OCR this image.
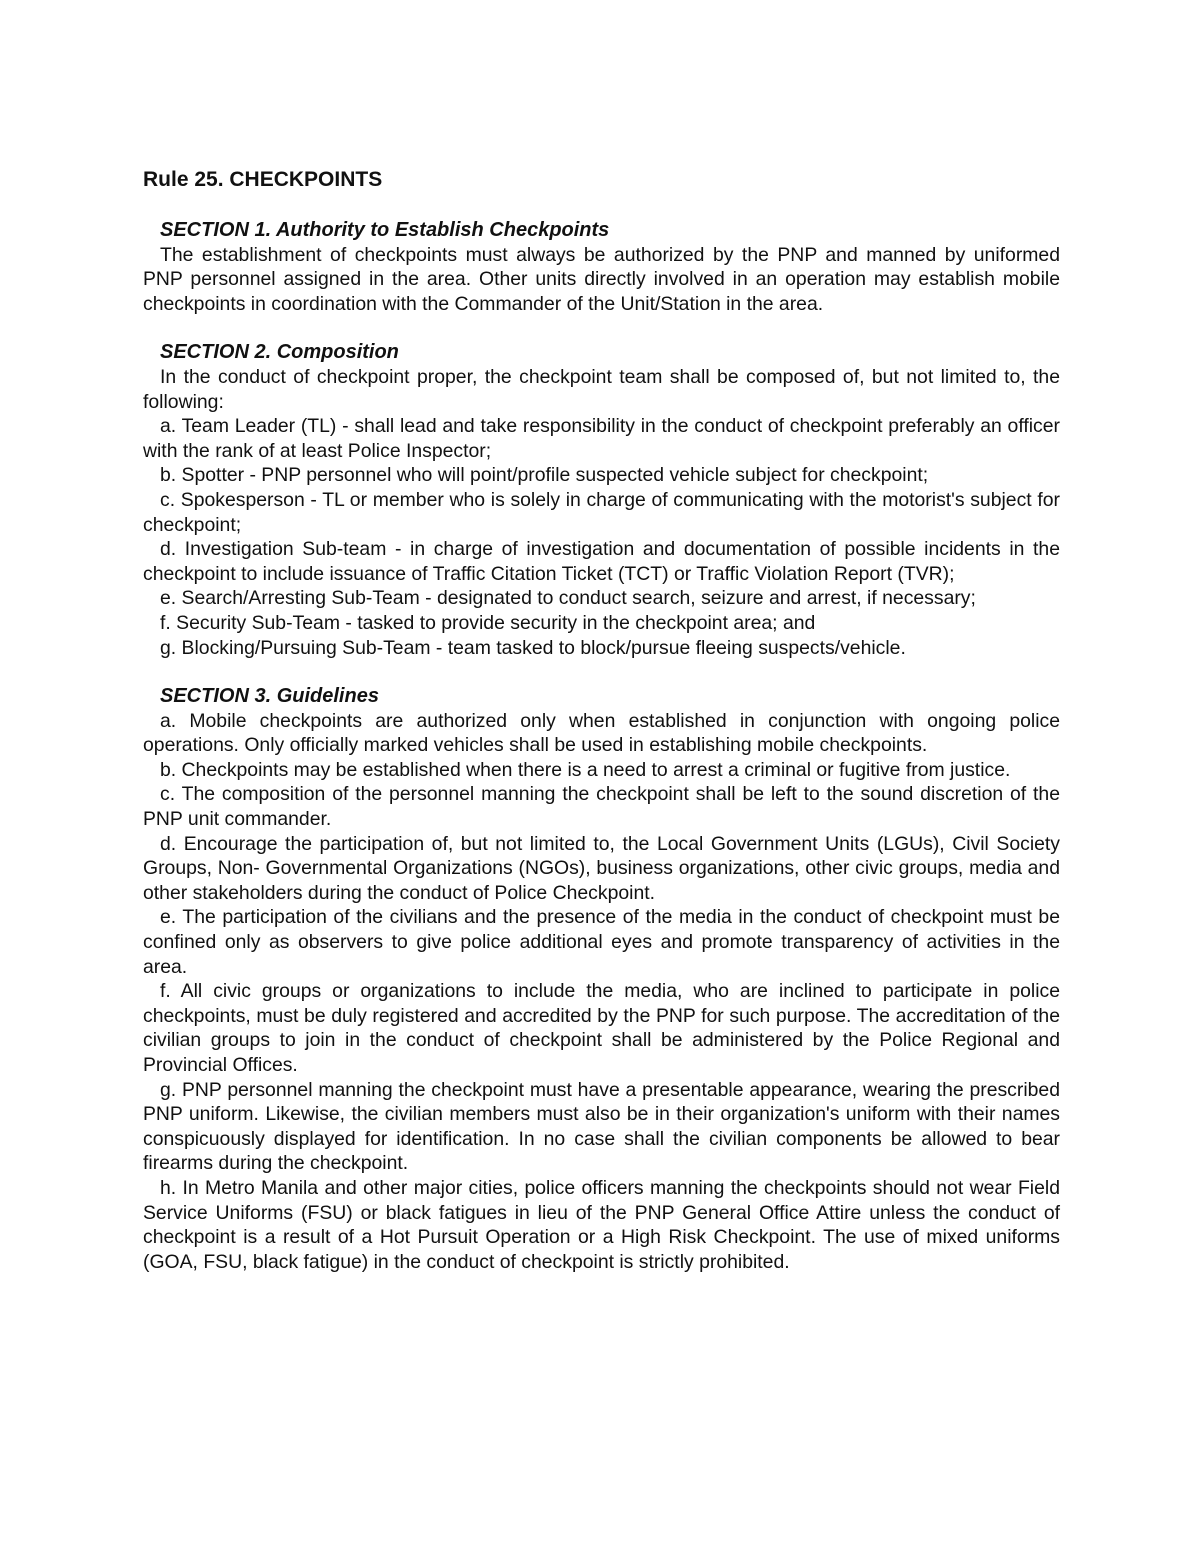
Rule 25. CHECKPOINTS
SECTION 1. Authority to Establish Checkpoints

The establishment of checkpoints must always be authorized by the PNP and manned by uniformed PNP personnel assigned in the area. Other units directly involved in an operation may establish mobile checkpoints in coordination with the Commander of the Unit/Station in the area.

SECTION 2. Composition

In the conduct of checkpoint proper, the checkpoint team shall be composed of, but not limited to, the following:

a. Team Leader (TL) - shall lead and take responsibility in the conduct of checkpoint preferably an officer with the rank of at least Police Inspector;

b. Spotter - PNP personnel who will point/profile suspected vehicle subject for checkpoint;

c. Spokesperson - TL or member who is solely in charge of communicating with the motorist's subject for checkpoint;

d. Investigation Sub-team - in charge of investigation and documentation of possible incidents in the checkpoint to include issuance of Traffic Citation Ticket (TCT) or Traffic Violation Report (TVR);

e. Search/Arresting Sub-Team - designated to conduct search, seizure and arrest, if necessary;

f. Security Sub-Team - tasked to provide security in the checkpoint area; and

g. Blocking/Pursuing Sub-Team - team tasked to block/pursue fleeing suspects/vehicle.

SECTION 3. Guidelines

a. Mobile checkpoints are authorized only when established in conjunction with ongoing police operations. Only officially marked vehicles shall be used in establishing mobile checkpoints.

b. Checkpoints may be established when there is a need to arrest a criminal or fugitive from justice.

c. The composition of the personnel manning the checkpoint shall be left to the sound discretion of the PNP unit commander.

d. Encourage the participation of, but not limited to, the Local Government Units (LGUs), Civil Society Groups, Non- Governmental Organizations (NGOs), business organizations, other civic groups, media and other stakeholders during the conduct of Police Checkpoint.

e. The participation of the civilians and the presence of the media in the conduct of checkpoint must be confined only as observers to give police additional eyes and promote transparency of activities in the area.

f. All civic groups or organizations to include the media, who are inclined to participate in police checkpoints, must be duly registered and accredited by the PNP for such purpose. The accreditation of the civilian groups to join in the conduct of checkpoint shall be administered by the Police Regional and Provincial Offices.

g. PNP personnel manning the checkpoint must have a presentable appearance, wearing the prescribed PNP uniform. Likewise, the civilian members must also be in their organization's uniform with their names conspicuously displayed for identification. In no case shall the civilian components be allowed to bear firearms during the checkpoint.

h. In Metro Manila and other major cities, police officers manning the checkpoints should not wear Field Service Uniforms (FSU) or black fatigues in lieu of the PNP General Office Attire unless the conduct of checkpoint is a result of a Hot Pursuit Operation or a High Risk Checkpoint. The use of mixed uniforms (GOA, FSU, black fatigue) in the conduct of checkpoint is strictly prohibited.
